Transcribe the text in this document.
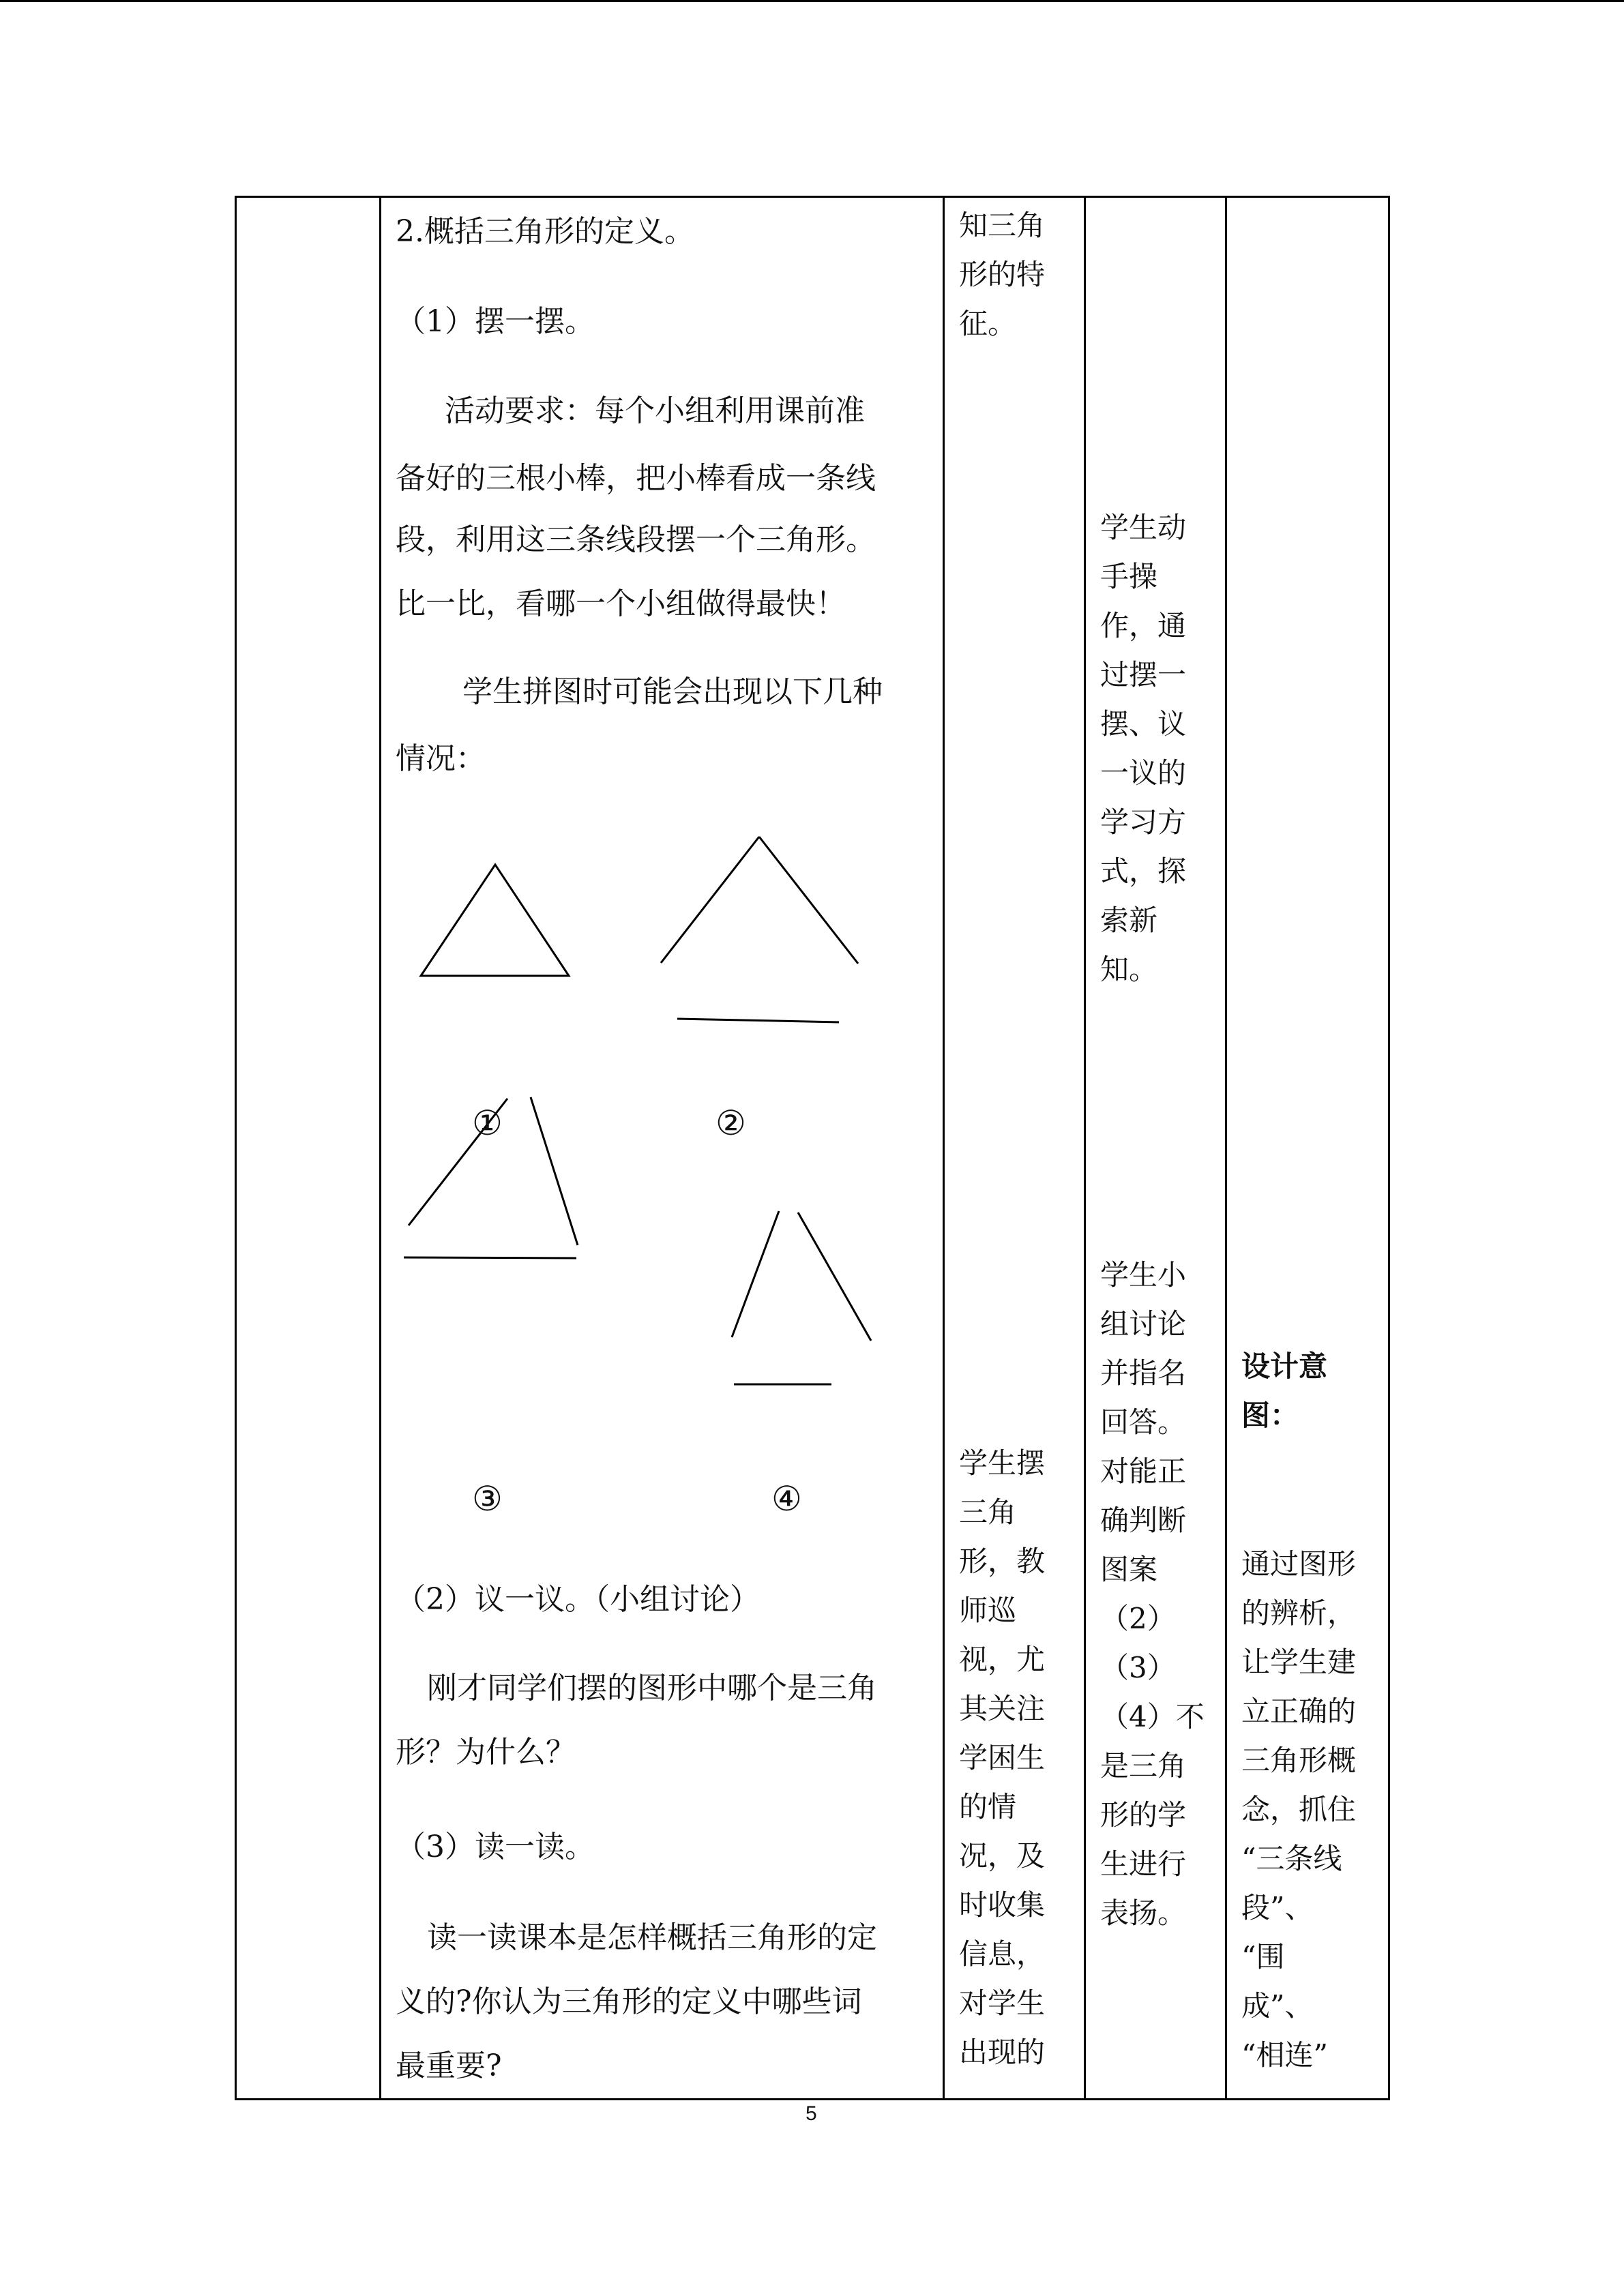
2.概括三角形的定义。
（1）摆一摆。
活动要求：每个小组利用课前准
备好的三根小棒，把小棒看成一条线
段，利用这三条线段摆一个三角形。
比一比，看哪一个小组做得最快！
学生拼图时可能会出现以下几种
情况：
①	②
③	④
（2）议一议。（小组讨论）
刚才同学们摆的图形中哪个是三角
形？为什么？
（3）读一读。
读一读课本是怎样概括三角形的定
义的?你认为三角形的定义中哪些词
最重要?
知三角
形的特
征。
学生摆
三角
形，教
师巡
视，尤
其关注
学困生
的情
况，及
时收集
信息，
对学生
出现的
学生动
手操
作，通
过摆一
摆、议
一议的
学习方
式，探
索新
知。
学生小
组讨论
并指名
回答。
对能正
确判断
图案
（2）
（3）
（4）不
是三角
形的学
生进行
表扬。
设计意
图：
通过图形
的辨析，
让学生建
立正确的
三角形概
念，抓住
“三条线
段”、
“围
成”、
“相连”
5
